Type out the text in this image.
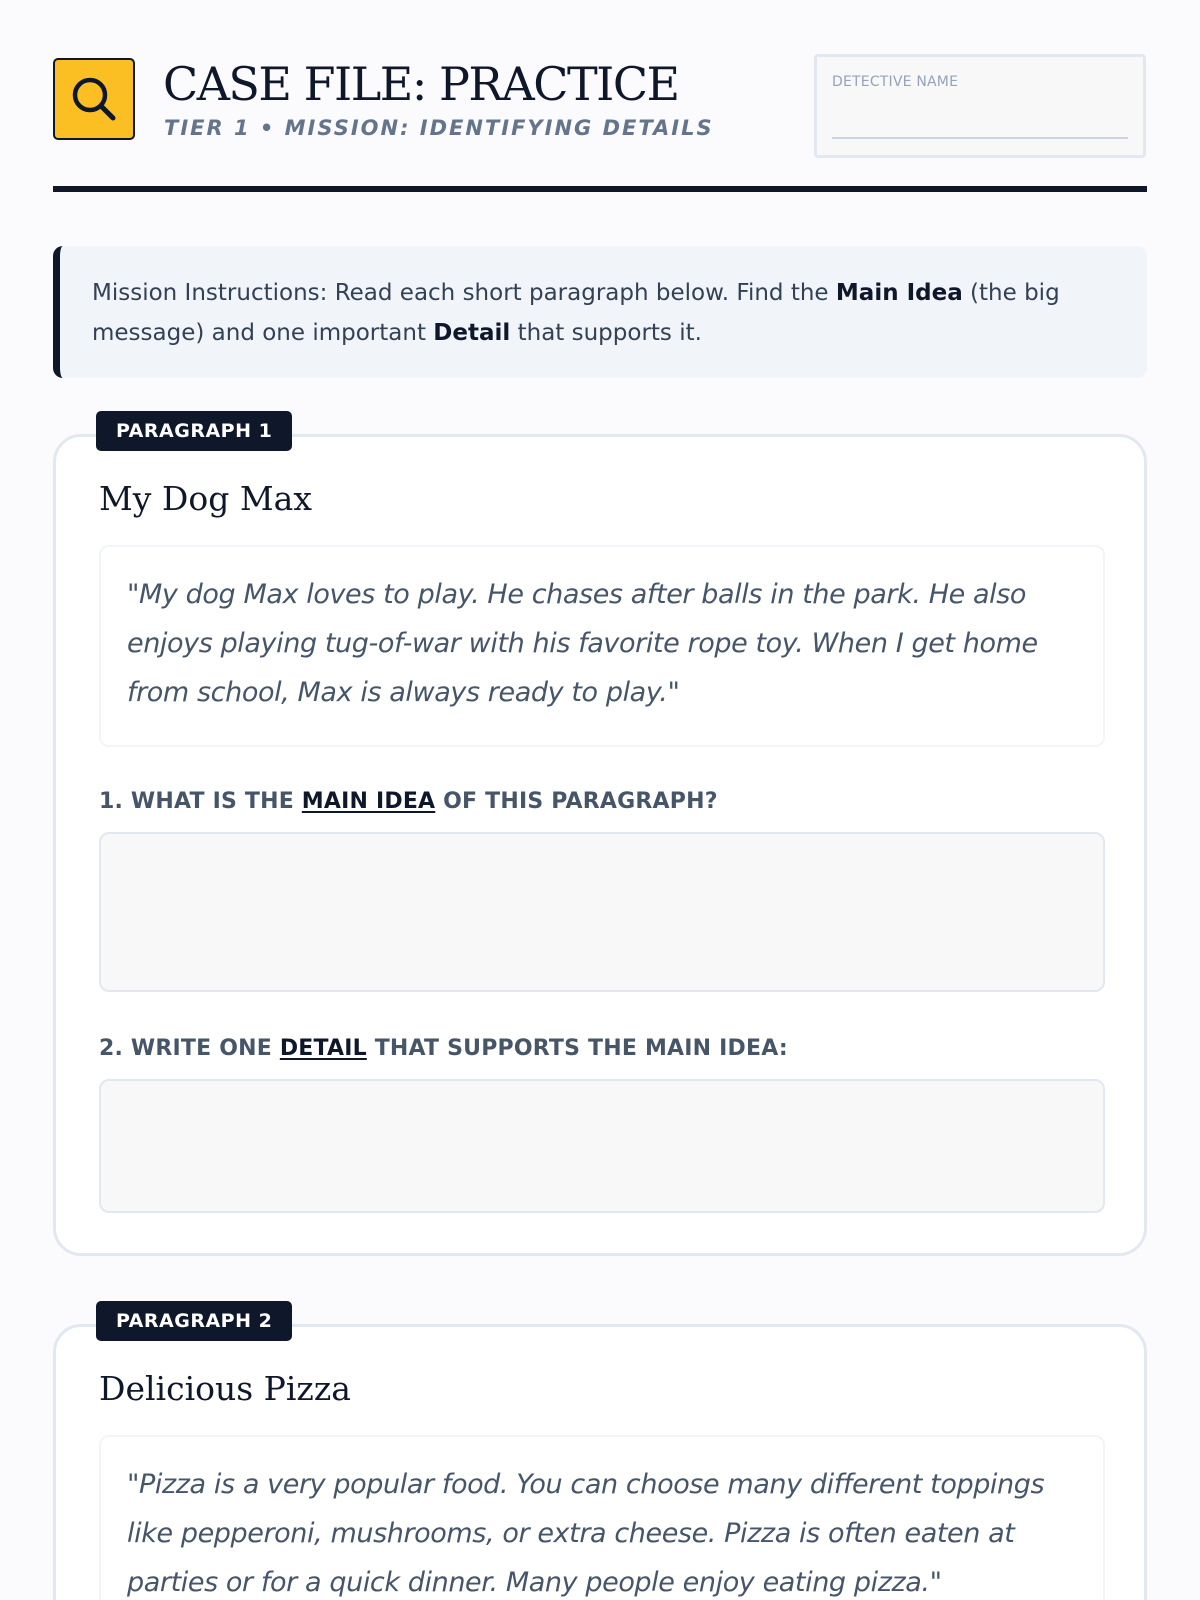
CASE FILE: PRACTICE
TIER 1 • MISSION: IDENTIFYING DETAILS
DETECTIVE NAME
Mission Instructions: Read each short paragraph below. Find the Main Idea (the big message) and one important Detail that supports it.
PARAGRAPH 1
My Dog Max
"My dog Max loves to play. He chases after balls in the park. He also enjoys playing tug-of-war with his favorite rope toy. When I get home from school, Max is always ready to play."
1. WHAT IS THE MAIN IDEA OF THIS PARAGRAPH?
2. WRITE ONE DETAIL THAT SUPPORTS THE MAIN IDEA:
PARAGRAPH 2
Delicious Pizza
"Pizza is a very popular food. You can choose many different toppings like pepperoni, mushrooms, or extra cheese. Pizza is often eaten at parties or for a quick dinner. Many people enjoy eating pizza."
